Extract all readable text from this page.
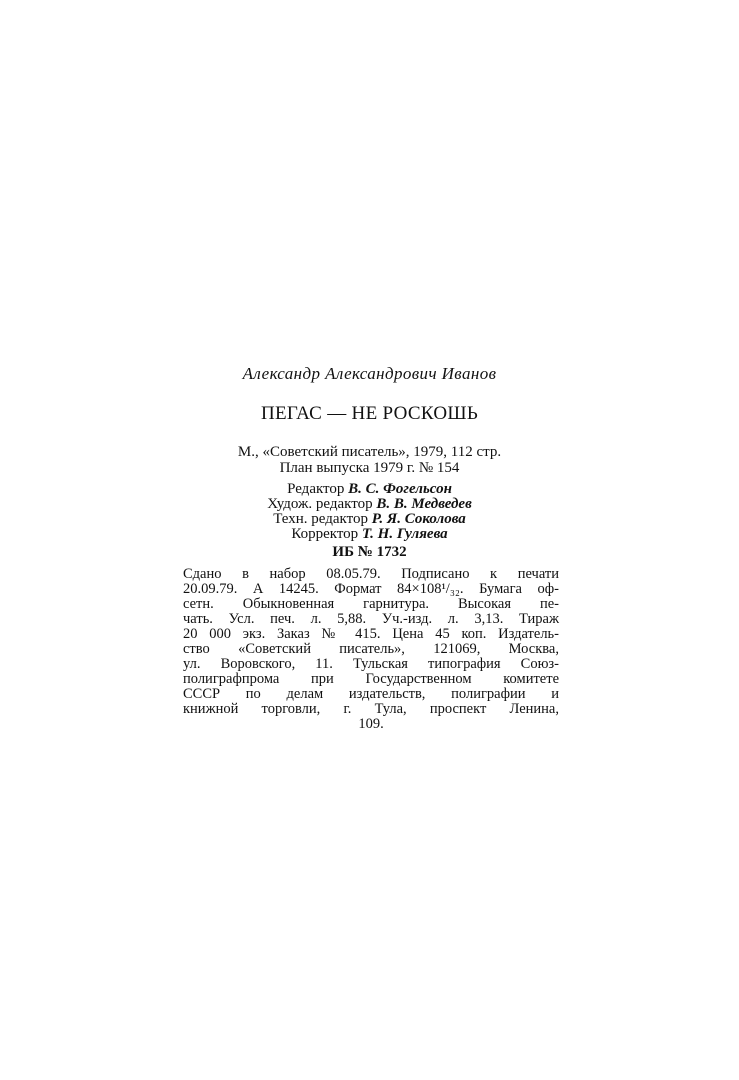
Александр Александрович Иванов
ПЕГАС — НЕ РОСКОШЬ
М., «Советский писатель», 1979, 112 стр.
План выпуска 1979 г. № 154
Редактор В. С. Фогельсон
Худож. редактор В. В. Медведев
Техн. редактор Р. Я. Соколова
Корректор Т. Н. Гуляева
ИБ № 1732
Сдано в набор 08.05.79. Подписано к печати
20.09.79. А 14245. Формат 84×108¹/₃₂. Бумага оф-
сетн. Обыкновенная гарнитура. Высокая пе-
чать. Усл. печ. л. 5,88. Уч.-изд. л. 3,13. Тираж
20 000 экз. Заказ № 415. Цена 45 коп. Издатель-
ство «Советский писатель», 121069, Москва,
ул. Воровского, 11. Тульская типография Союз-
полиграфпрома при Государственном комитете
СССР по делам издательств, полиграфии и
книжной торговли, г. Тула, проспект Ленина,
109.
